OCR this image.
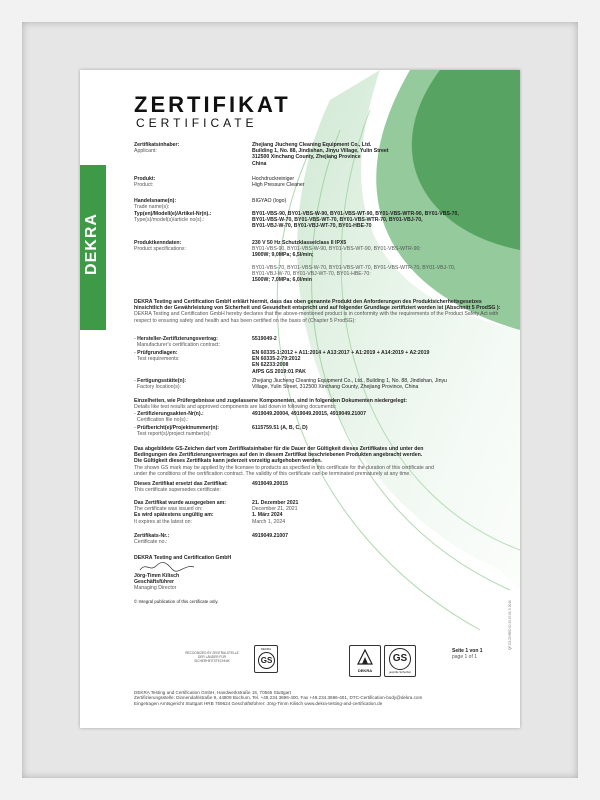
DEKRA
ZERTIFIKAT
CERTIFICATE
Zertifikatsinhaber:
Applicant:
Zhejiang Jiucheng Cleaning Equipment Co., Ltd.
Building 1, No. 88, Jindishan, Jinyu Village, Yulin Street
312500 Xinchang County, Zhejiang Province
China
Produkt:
Product:
Hochdruckreiniger
High Pressure Cleaner
Handelsname(n):
Trade name(s):
BIGYAO (logo)
Typ(en)/Modell(e)/Artikel-Nr(n).:
Type(s)/model(s)/article no(s).:
BY01-VBS-90, BY01-VBS-W-90, BY01-VBS-WT-90, BY01-VBS-WTR-90, BY01-VBS-70,
BY01-VBS-W-70, BY01-VBS-WT-70, BY01-VBS-WTR-70, BY01-VBJ-70,
BY01-VBJ-W-70, BY01-VBJ-WT-70, BY01-HBE-70
Produktkenndaten:
Product specifications:
230 V 50 Hz Schutzklasse/class II IPX5
BY01-VBS-90, BY01-VBS-W-90, BY01-VBS-WT-90, BY01-VBS-WTR-90:
1900W; 9,0MPa; 6,5l/min;

BY01-VBS-70, BY01-VBS-W-70, BY01-VBS-WT-70, BY01-VBS-WTR-70, BY01-VBJ-70,
BY01-VBJ-W-70, BY01-VBJ-WT-70, BY01-HBE-70:
1500W; 7,0MPa; 6,0l/min
DEKRA Testing and Certification GmbH erklärt hiermit, dass das oben genannte Produkt den Anforderungen des Produktsicherheitsgesetzes hinsichtlich der Gewährleistung von Sicherheit und Gesundheit entspricht und auf folgender Grundlage zertifiziert worden ist (Abschnitt 5 ProdSG ):
DEKRA Testing and Certification GmbH hereby declares that the above-mentioned product is in conformity with the requirements of the Product Safety Act with respect to ensuring safety and health and has been certified on the basis of (Chapter 5 ProdSG):
- Hersteller-Zertifizierungsvertrag:
Manufacturer's certification contract:
5519049-2
- Prüfgrundlagen:
Test requirements:
EN 60335-1:2012 + A11:2014 + A13:2017 + A1:2019 + A14:2019 + A2:2019
EN 60335-2-79:2012
EN 62233:2008
AfPS GS 2019:01 PAK
- Fertigungsstätte(n):
Factory location(s):
Zhejiang Jiucheng Cleaning Equipment Co., Ltd., Building 1, No. 88, Jindishan, Jinyu
Village, Yulin Street, 312500 Xinchang County, Zhejiang Province, China
Einzelheiten, wie Prüfergebnisse und zugelassene Komponenten, sind in folgenden Dokumenten niedergelegt:
Details like test results and approved components are laid down in following documents:
- Zertifizierungsakten-Nr(n).:
Certification file no(s).:
4919049.20004, 4919049.20015, 4919049.21007
- Prüfbericht(e)/Projektnummer(n):
Test report(s)/project number(s):
6115759.51 (A, B, C, D)
Das abgebildete GS-Zeichen darf vom Zertifikatsinhaber für die Dauer der Gültigkeit dieses Zertifikates und unter den
Bedingungen des Zertifizierungsvertrages auf den in diesem Zertifikat beschriebenen Produkten angebracht werden.
Die Gültigkeit dieses Zertifikats kann jederzeit vorzeitig aufgehoben werden.
The shown GS mark may be applied by the licensee to products as specified in this certificate for the duration of this certificate and
under the conditions of the certification contract. The validity of this certificate can be terminated prematurely at any time.
Dieses Zertifikat ersetzt das Zertifikat:
This certificate supersedes certificate:
4919049.20015
Das Zertifikat wurde ausgegeben am:
The certificate was issued on:
Es wird spätestens ungültig am:
It expires at the latest on:
21. Dezember 2021
December 21, 2021
1. März 2024
March 1, 2024
Zertifikats-Nr.:
Certificate no.:
4919049.21007
DEKRA Testing and Certification GmbH
Jörg-Timm Kilisch
Geschäftsführer
Managing Director
© Integral publication of this certificate only.
RECOGNIZED BY ZENTRALSTELLE DER LÄNDER FÜR SICHERHEITSTECHNIK
DEKRA
GS
DEKRA
GS
geprüfte Sicherheit
Seite 1 von 1
page 1 of 1
DEKRA Testing and Certification GmbH, Handwerkstraße 15, 70565 Stuttgart
Zertifizierungsstelle: Dinnendahlstraße 9, 44809 Bochum, Tel. +49.234.3696-400, Fax +49.234.3696-401, DTC-Certification-body@dekra.com
Eingetragen Amtsgericht Stuttgart HRB 759624 Geschäftsführer: Jörg-Timm Kilisch www.dekra-testing-and-certification.de
QF-03-Z5/RED ID 13.07.01 S 2019
